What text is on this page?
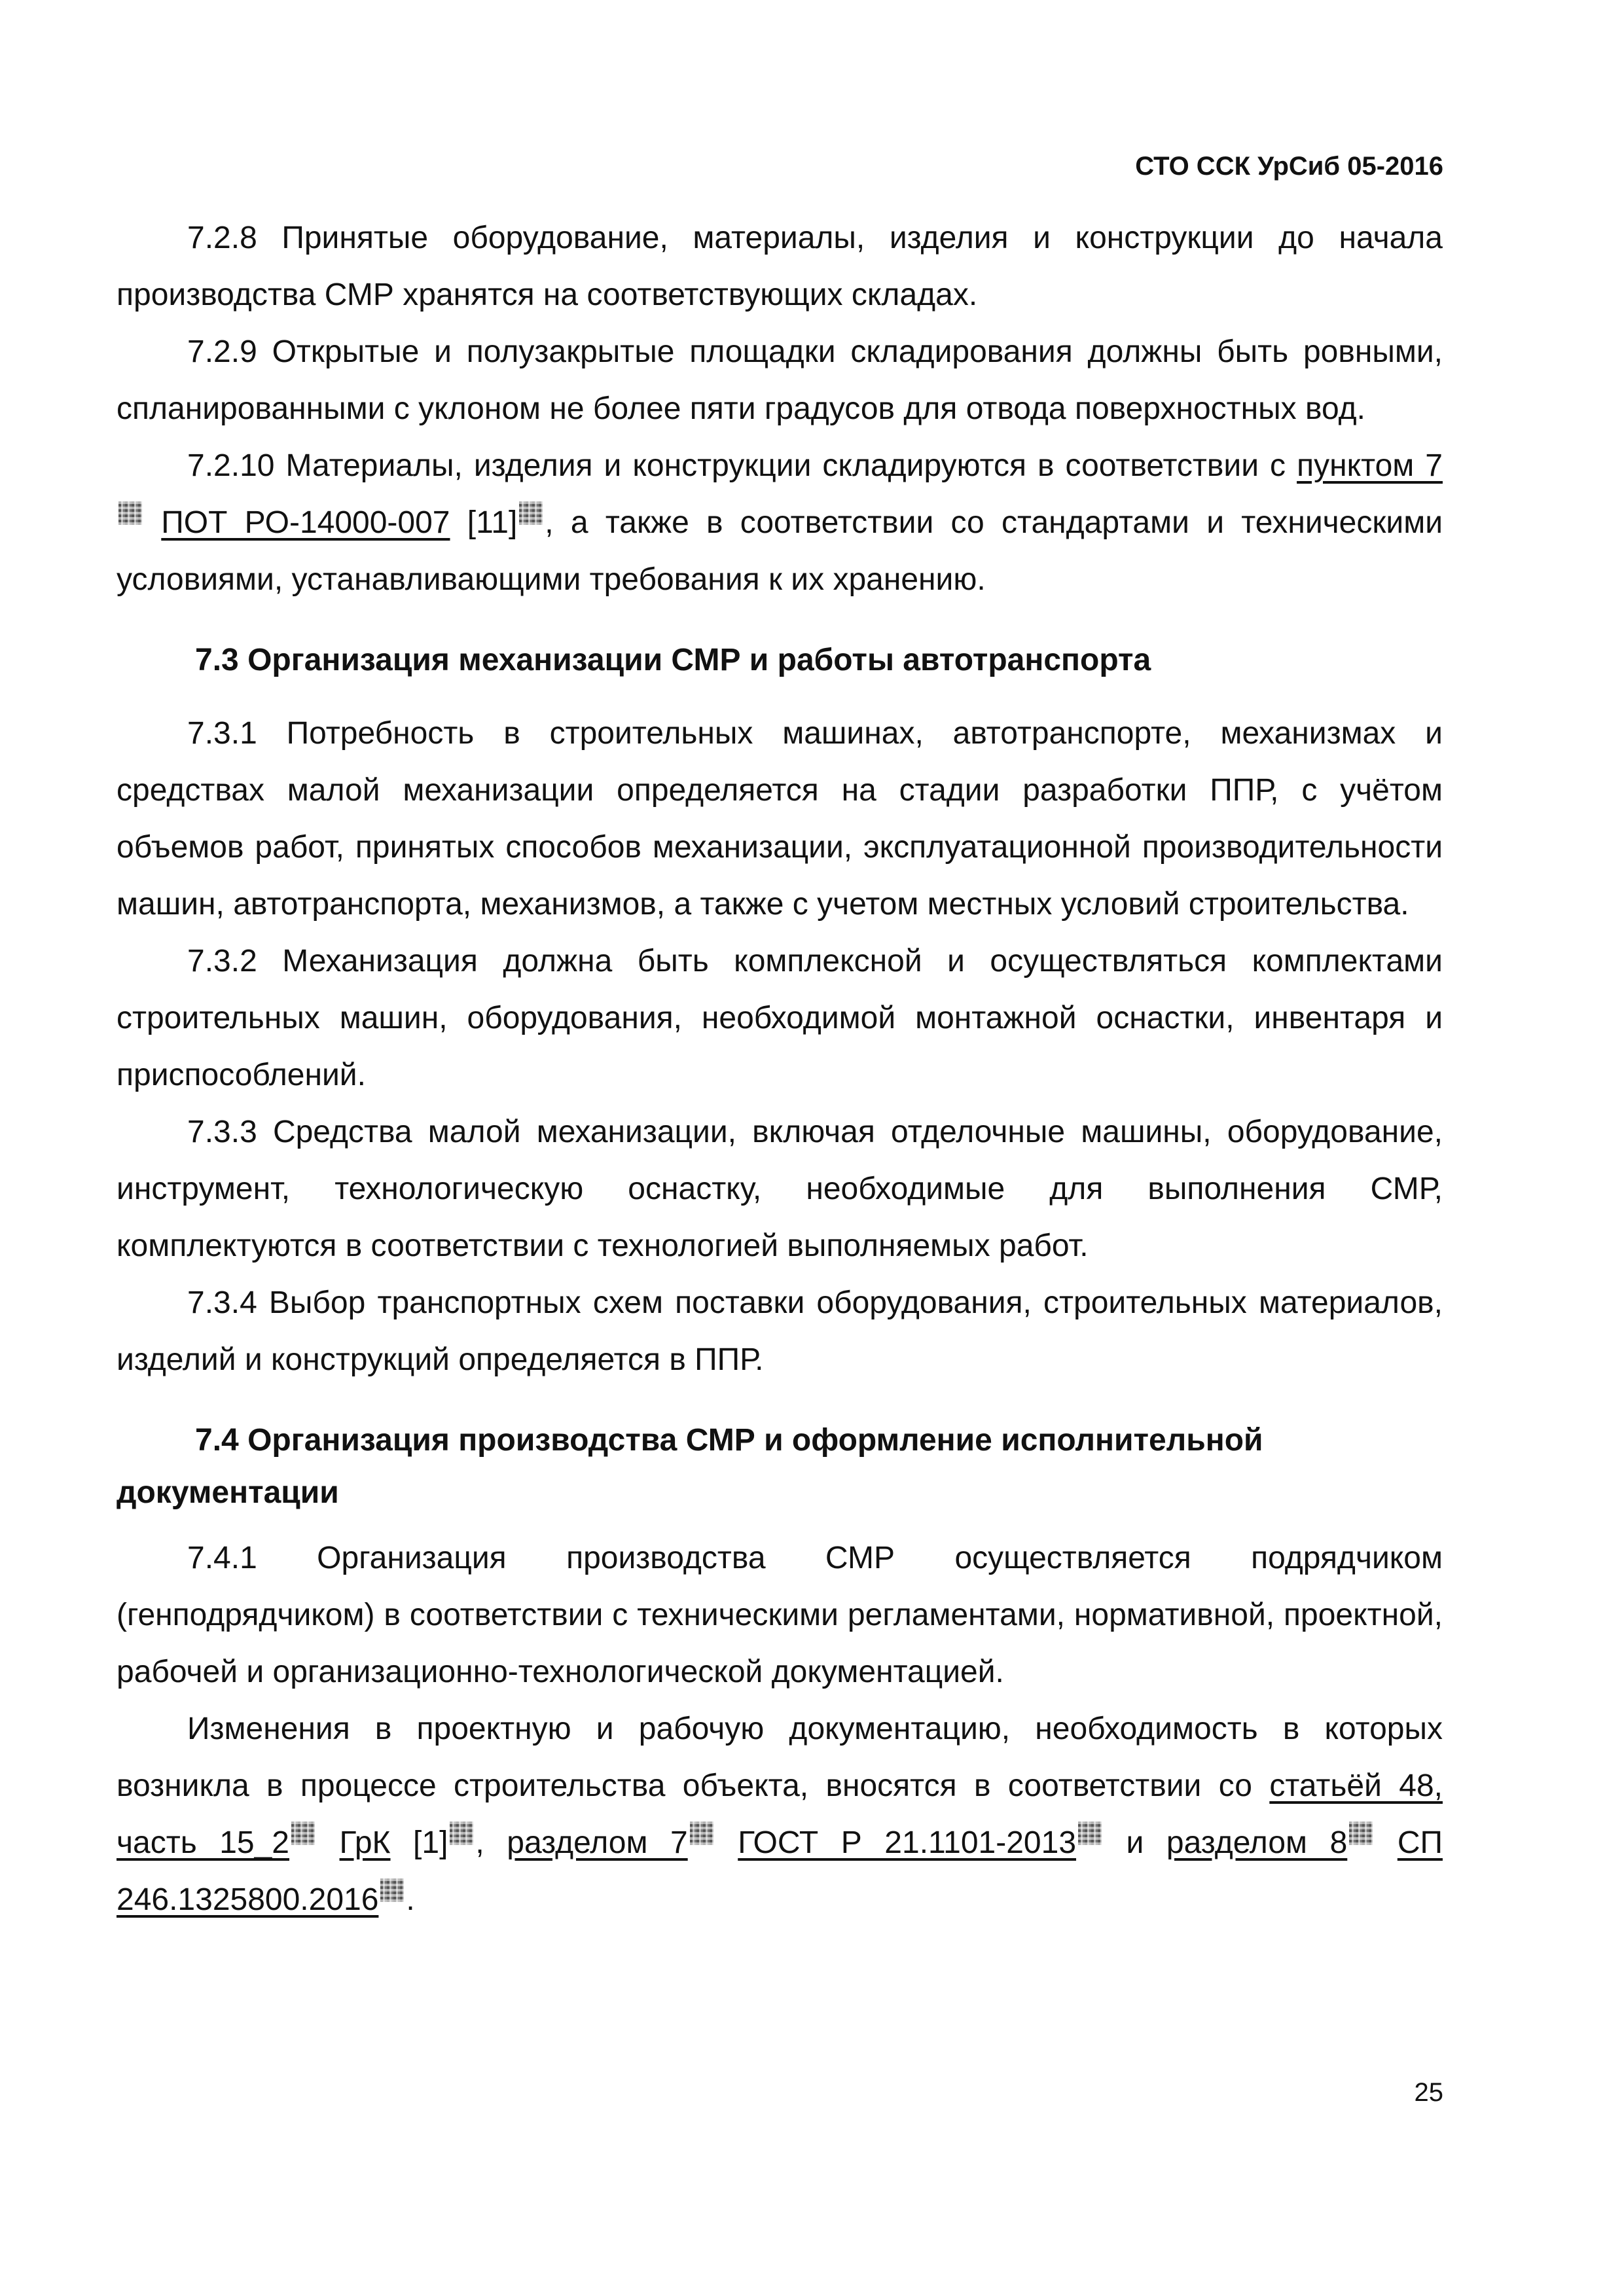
СТО ССК УрСиб 05-2016

7.2.8 Принятые оборудование, материалы, изделия и конструкции до начала производства СМР хранятся на соответствующих складах.

7.2.9 Открытые и полузакрытые площадки складирования должны быть ровными, спланированными с уклоном не более пяти градусов для отвода поверхностных вод.

7.2.10 Материалы, изделия и конструкции складируются в соответствии с пунктом 7 ПОТ РО-14000-007 [11] , а также в соответствии со стандартами и техническими условиями, устанавливающими требования к их хранению.

7.3 Организация механизации СМР и работы автотранспорта

7.3.1 Потребность в строительных машинах, автотранспорте, механизмах и средствах малой механизации определяется на стадии разработки ППР, с учётом объемов работ, принятых способов механизации, эксплуатационной производительности машин, автотранспорта, механизмов, а также с учетом местных условий строительства.

7.3.2 Механизация должна быть комплексной и осуществляться комплектами строительных машин, оборудования, необходимой монтажной оснастки, инвентаря и приспособлений.

7.3.3 Средства малой механизации, включая отделочные машины, оборудование, инструмент, технологическую оснастку, необходимые для выполнения СМР, комплектуются в соответствии с технологией выполняемых работ.

7.3.4 Выбор транспортных схем поставки оборудования, строительных материалов, изделий и конструкций определяется в ППР.

7.4 Организация производства СМР и оформление исполнительной
документации

7.4.1 Организация производства СМР осуществляется подрядчиком (генподрядчиком) в соответствии с техническими регламентами, нормативной, проектной, рабочей и организационно-технологической документацией.

Изменения в проектную и рабочую документацию, необходимость в которых возникла в процессе строительства объекта, вносятся в соответствии со статьёй 48, часть 15_2 ГрК [1] , разделом 7 ГОСТ Р 21.1101-2013 и разделом 8 СП 246.1325800.2016 .

25
